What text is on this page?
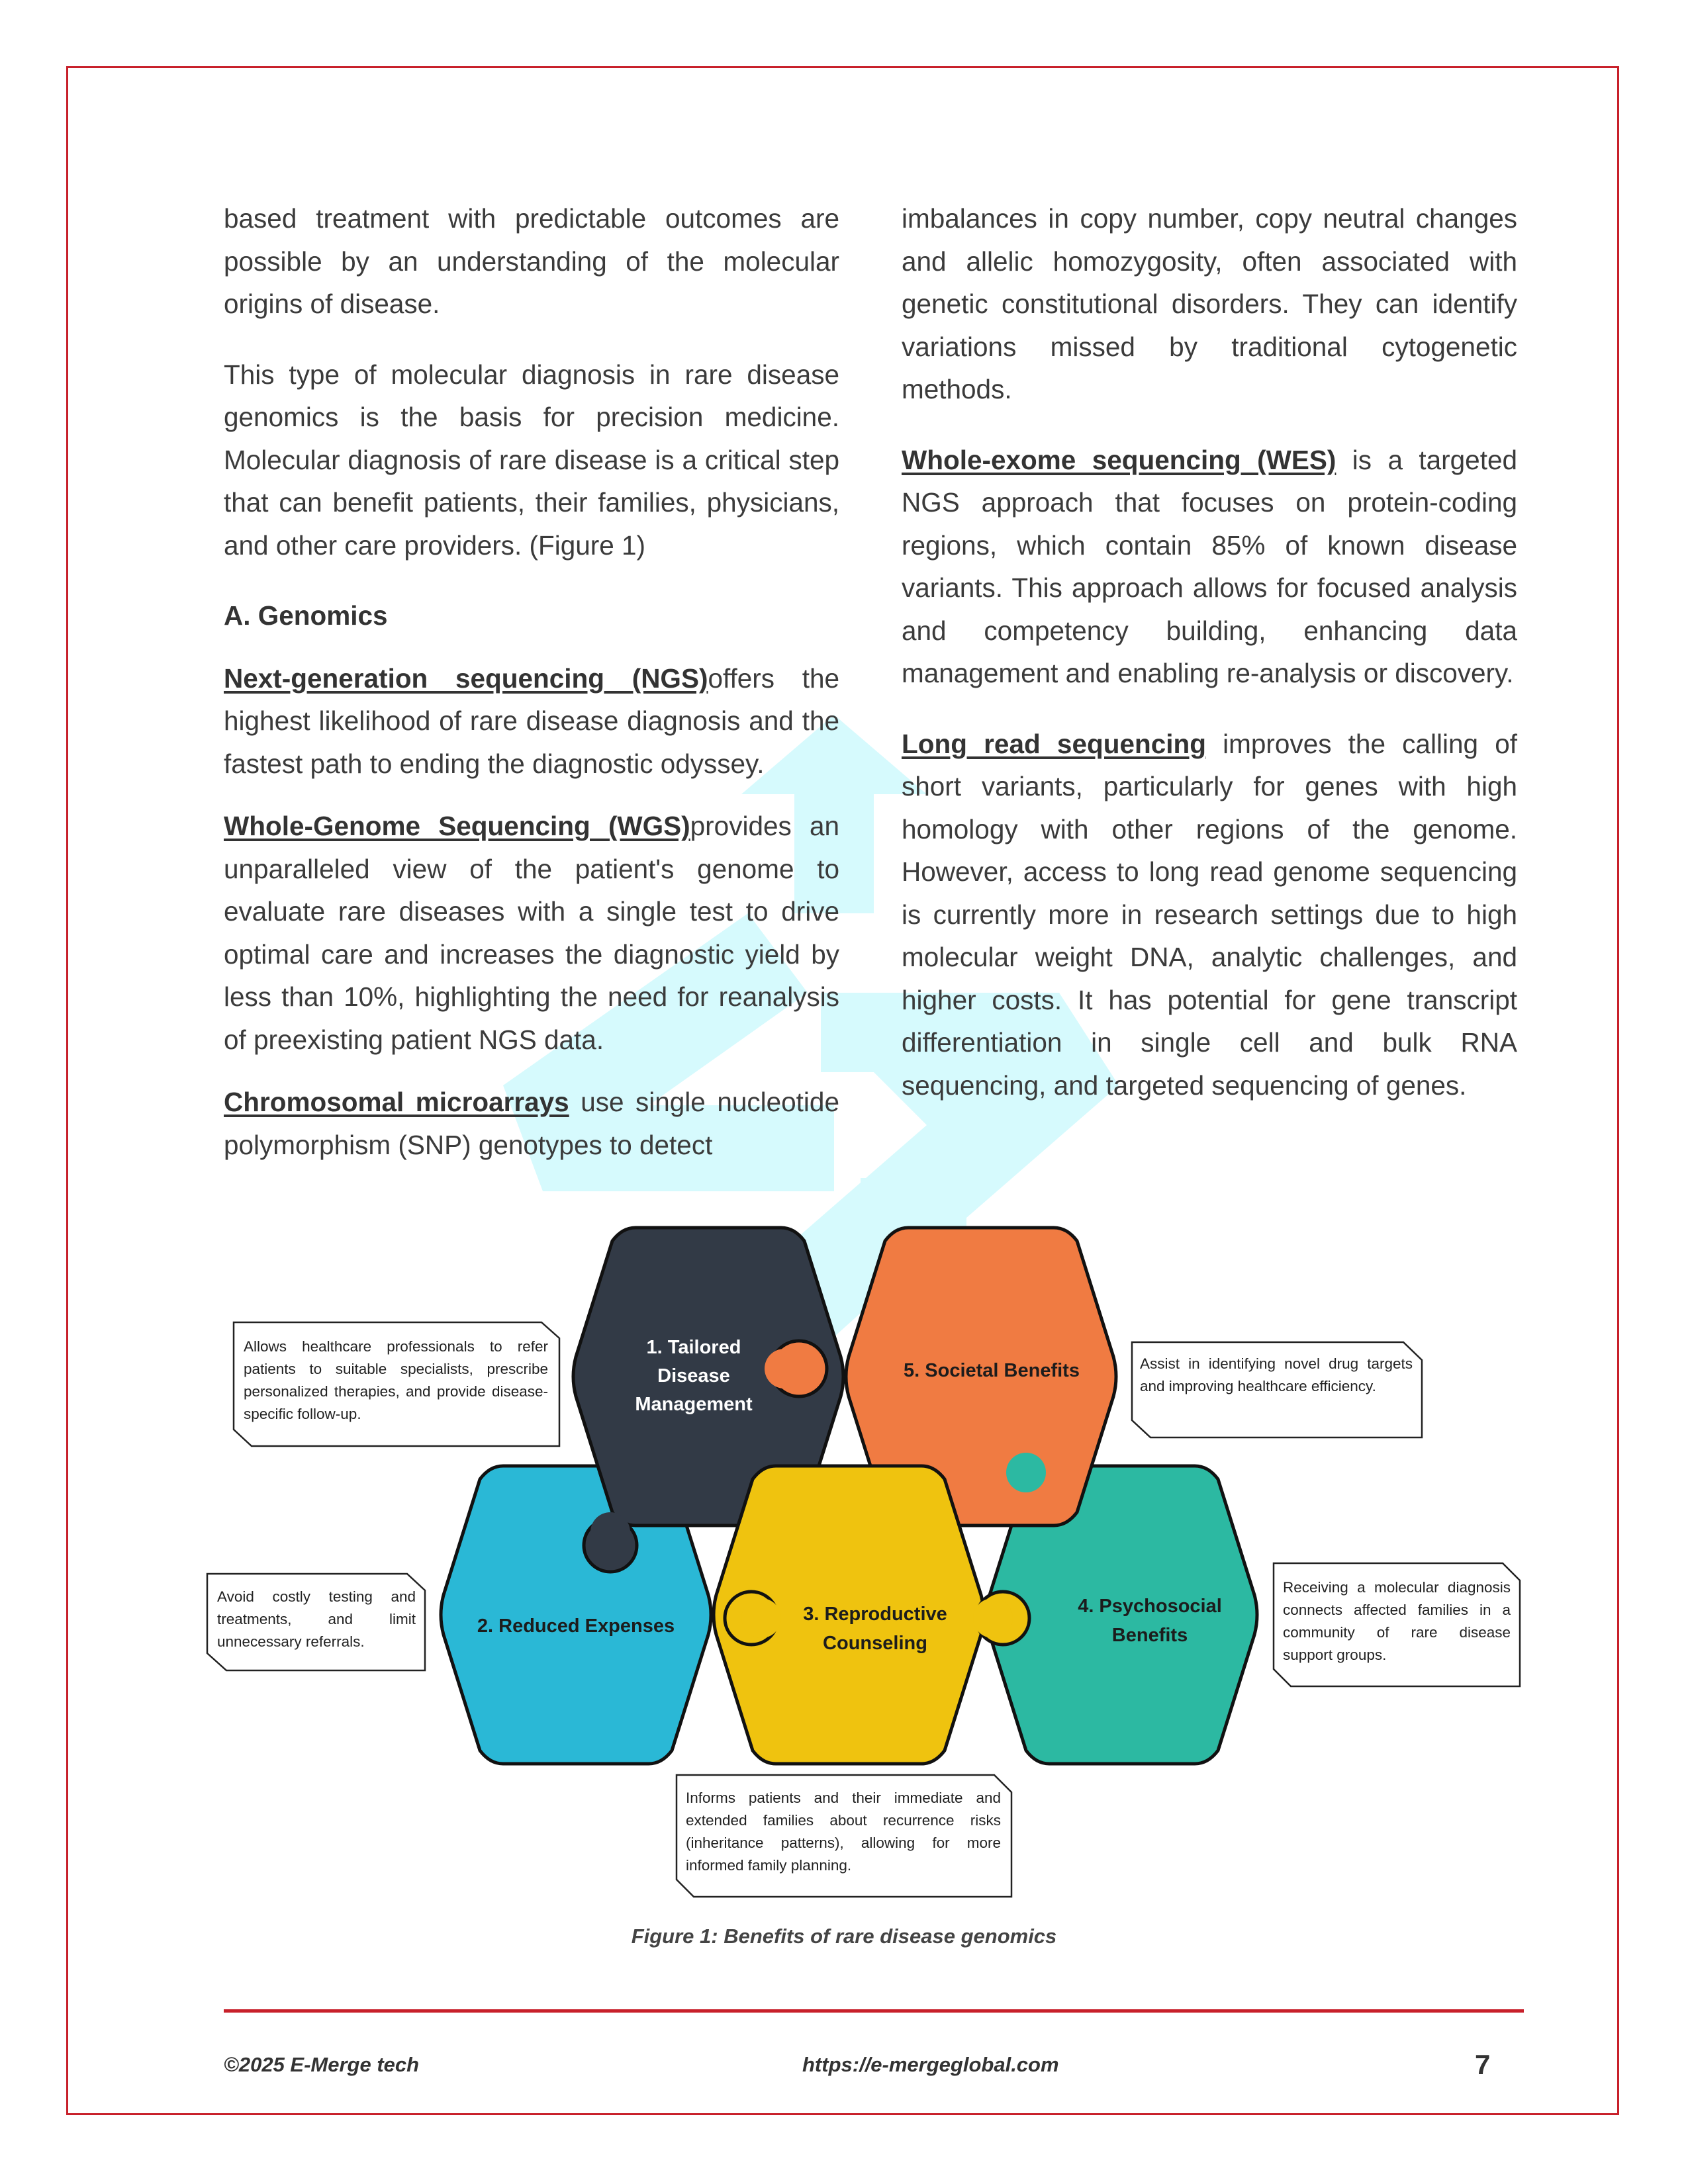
based treatment with predictable outcomes are possible by an understanding of the molecular origins of disease.

This type of molecular diagnosis in rare disease genomics is the basis for precision medicine. Molecular diagnosis of rare disease is a critical step that can benefit patients, their families, physicians, and other care providers. (Figure 1)

A. Genomics

Next-generation sequencing (NGS)offers the highest likelihood of rare disease diagnosis and the fastest path to ending the diagnostic odyssey.

Whole-Genome Sequencing (WGS)provides an unparalleled view of the patient's genome to evaluate rare diseases with a single test to drive optimal care and increases the diagnostic yield by less than 10%, highlighting the need for reanalysis of preexisting patient NGS data.

Chromosomal microarrays use single nucleotide polymorphism (SNP) genotypes to detect

imbalances in copy number, copy neutral changes and allelic homozygosity, often associated with genetic constitutional disorders. They can identify variations missed by traditional cytogenetic methods.

Whole-exome sequencing (WES) is a targeted NGS approach that focuses on protein-coding regions, which contain 85% of known disease variants. This approach allows for focused analysis and competency building, enhancing data management and enabling re-analysis or discovery.

Long read sequencing improves the calling of short variants, particularly for genes with high homology with other regions of the genome. However, access to long read genome sequencing is currently more in research settings due to high molecular weight DNA, analytic challenges, and higher costs. It has potential for gene transcript differentiation in single cell and bulk RNA sequencing, and targeted sequencing of genes.

1. Tailored
Disease
Management
5. Societal Benefits
2. Reduced Expenses
3. Reproductive
Counseling
4. Psychosocial
Benefits
Allows healthcare professionals to refer patients to suitable specialists, prescribe personalized therapies, and provide disease-specific follow-up.
Assist in identifying novel drug targets and improving healthcare efficiency.
Avoid costly testing and treatments, and limit unnecessary referrals.
Receiving a molecular diagnosis connects affected families in a community of rare disease support groups.
Informs patients and their immediate and extended families about recurrence risks (inheritance patterns), allowing for more informed family planning.
Figure 1: Benefits of rare disease genomics
©2025 E-Merge tech	https://e-mergeglobal.com	7
